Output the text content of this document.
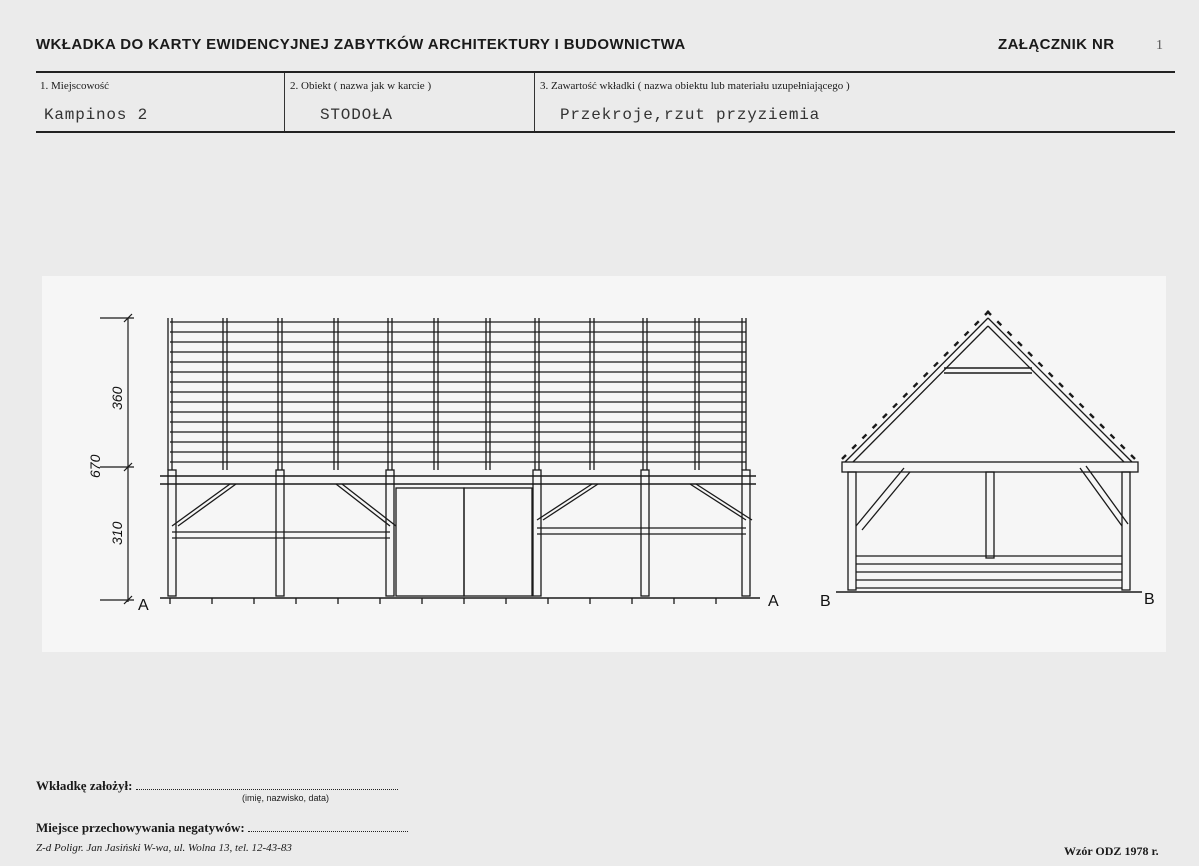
WKŁADKA DO KARTY EWIDENCYJNEJ ZABYTKÓW ARCHITEKTURY I BUDOWNICTWA	ZAŁĄCZNIK NR	1
1. Miejscowość
Kampinos 2
2. Obiekt ( nazwa jak w karcie )
STODOŁA
3. Zawartość wkładki ( nazwa obiektu lub materiału uzupełniającego )
Przekroje,rzut przyziemia
670
360
310
A	A	B	B
Wkładkę założył:
(imię, nazwisko, data)
Miejsce przechowywania negatywów:
Z-d Poligr. Jan Jasiński W-wa, ul. Wolna 13, tel. 12-43-83	Wzór ODZ 1978 r.
